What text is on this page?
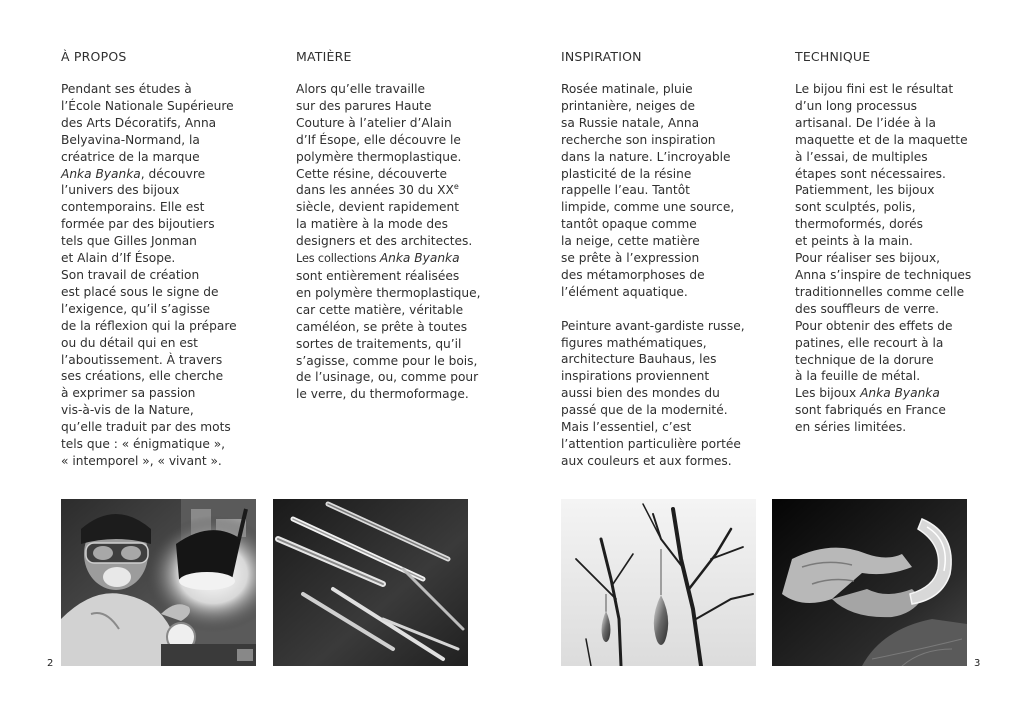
À PROPOS

Pendant ses études à
l’École Nationale Supérieure
des Arts Décoratifs, Anna
Belyavina-Normand, la
créatrice de la marque
Anka Byanka, découvre
l’univers des bijoux
contemporains. Elle est
formée par des bijoutiers
tels que Gilles Jonman
et Alain d’If Ésope.
Son travail de création
est placé sous le signe de
l’exigence, qu’il s’agisse
de la réflexion qui la prépare
ou du détail qui en est
l’aboutissement. À travers
ses créations, elle cherche
à exprimer sa passion
vis-à-vis de la Nature,
qu’elle traduit par des mots
tels que : « énigmatique »,
« intemporel », « vivant ».

MATIÈRE

Alors qu’elle travaille
sur des parures Haute
Couture à l’atelier d’Alain
d’If Ésope, elle découvre le
polymère thermoplastique.
Cette résine, découverte
dans les années 30 du XXe
siècle, devient rapidement
la matière à la mode des
designers et des architectes.
Les collections Anka Byanka
sont entièrement réalisées
en polymère thermoplastique,
car cette matière, véritable
caméléon, se prête à toutes
sortes de traitements, qu’il
s’agisse, comme pour le bois,
de l’usinage, ou, comme pour
le verre, du thermoformage.

INSPIRATION

Rosée matinale, pluie
printanière, neiges de
sa Russie natale, Anna
recherche son inspiration
dans la nature. L’incroyable
plasticité de la résine
rappelle l’eau. Tantôt
limpide, comme une source,
tantôt opaque comme
la neige, cette matière
se prête à l’expression
des métamorphoses de
l’élément aquatique.

Peinture avant-gardiste russe,
figures mathématiques,
architecture Bauhaus, les
inspirations proviennent
aussi bien des mondes du
passé que de la modernité.
Mais l’essentiel, c’est
l’attention particulière portée
aux couleurs et aux formes.

TECHNIQUE

Le bijou fini est le résultat
d’un long processus
artisanal. De l’idée à la
maquette et de la maquette
à l’essai, de multiples
étapes sont nécessaires.
Patiemment, les bijoux
sont sculptés, polis,
thermoformés, dorés
et peints à la main.
Pour réaliser ses bijoux,
Anna s’inspire de techniques
traditionnelles comme celle
des souffleurs de verre.
Pour obtenir des effets de
patines, elle recourt à la
technique de la dorure
à la feuille de métal.
Les bijoux Anka Byanka
sont fabriqués en France
en séries limitées.

2	3
